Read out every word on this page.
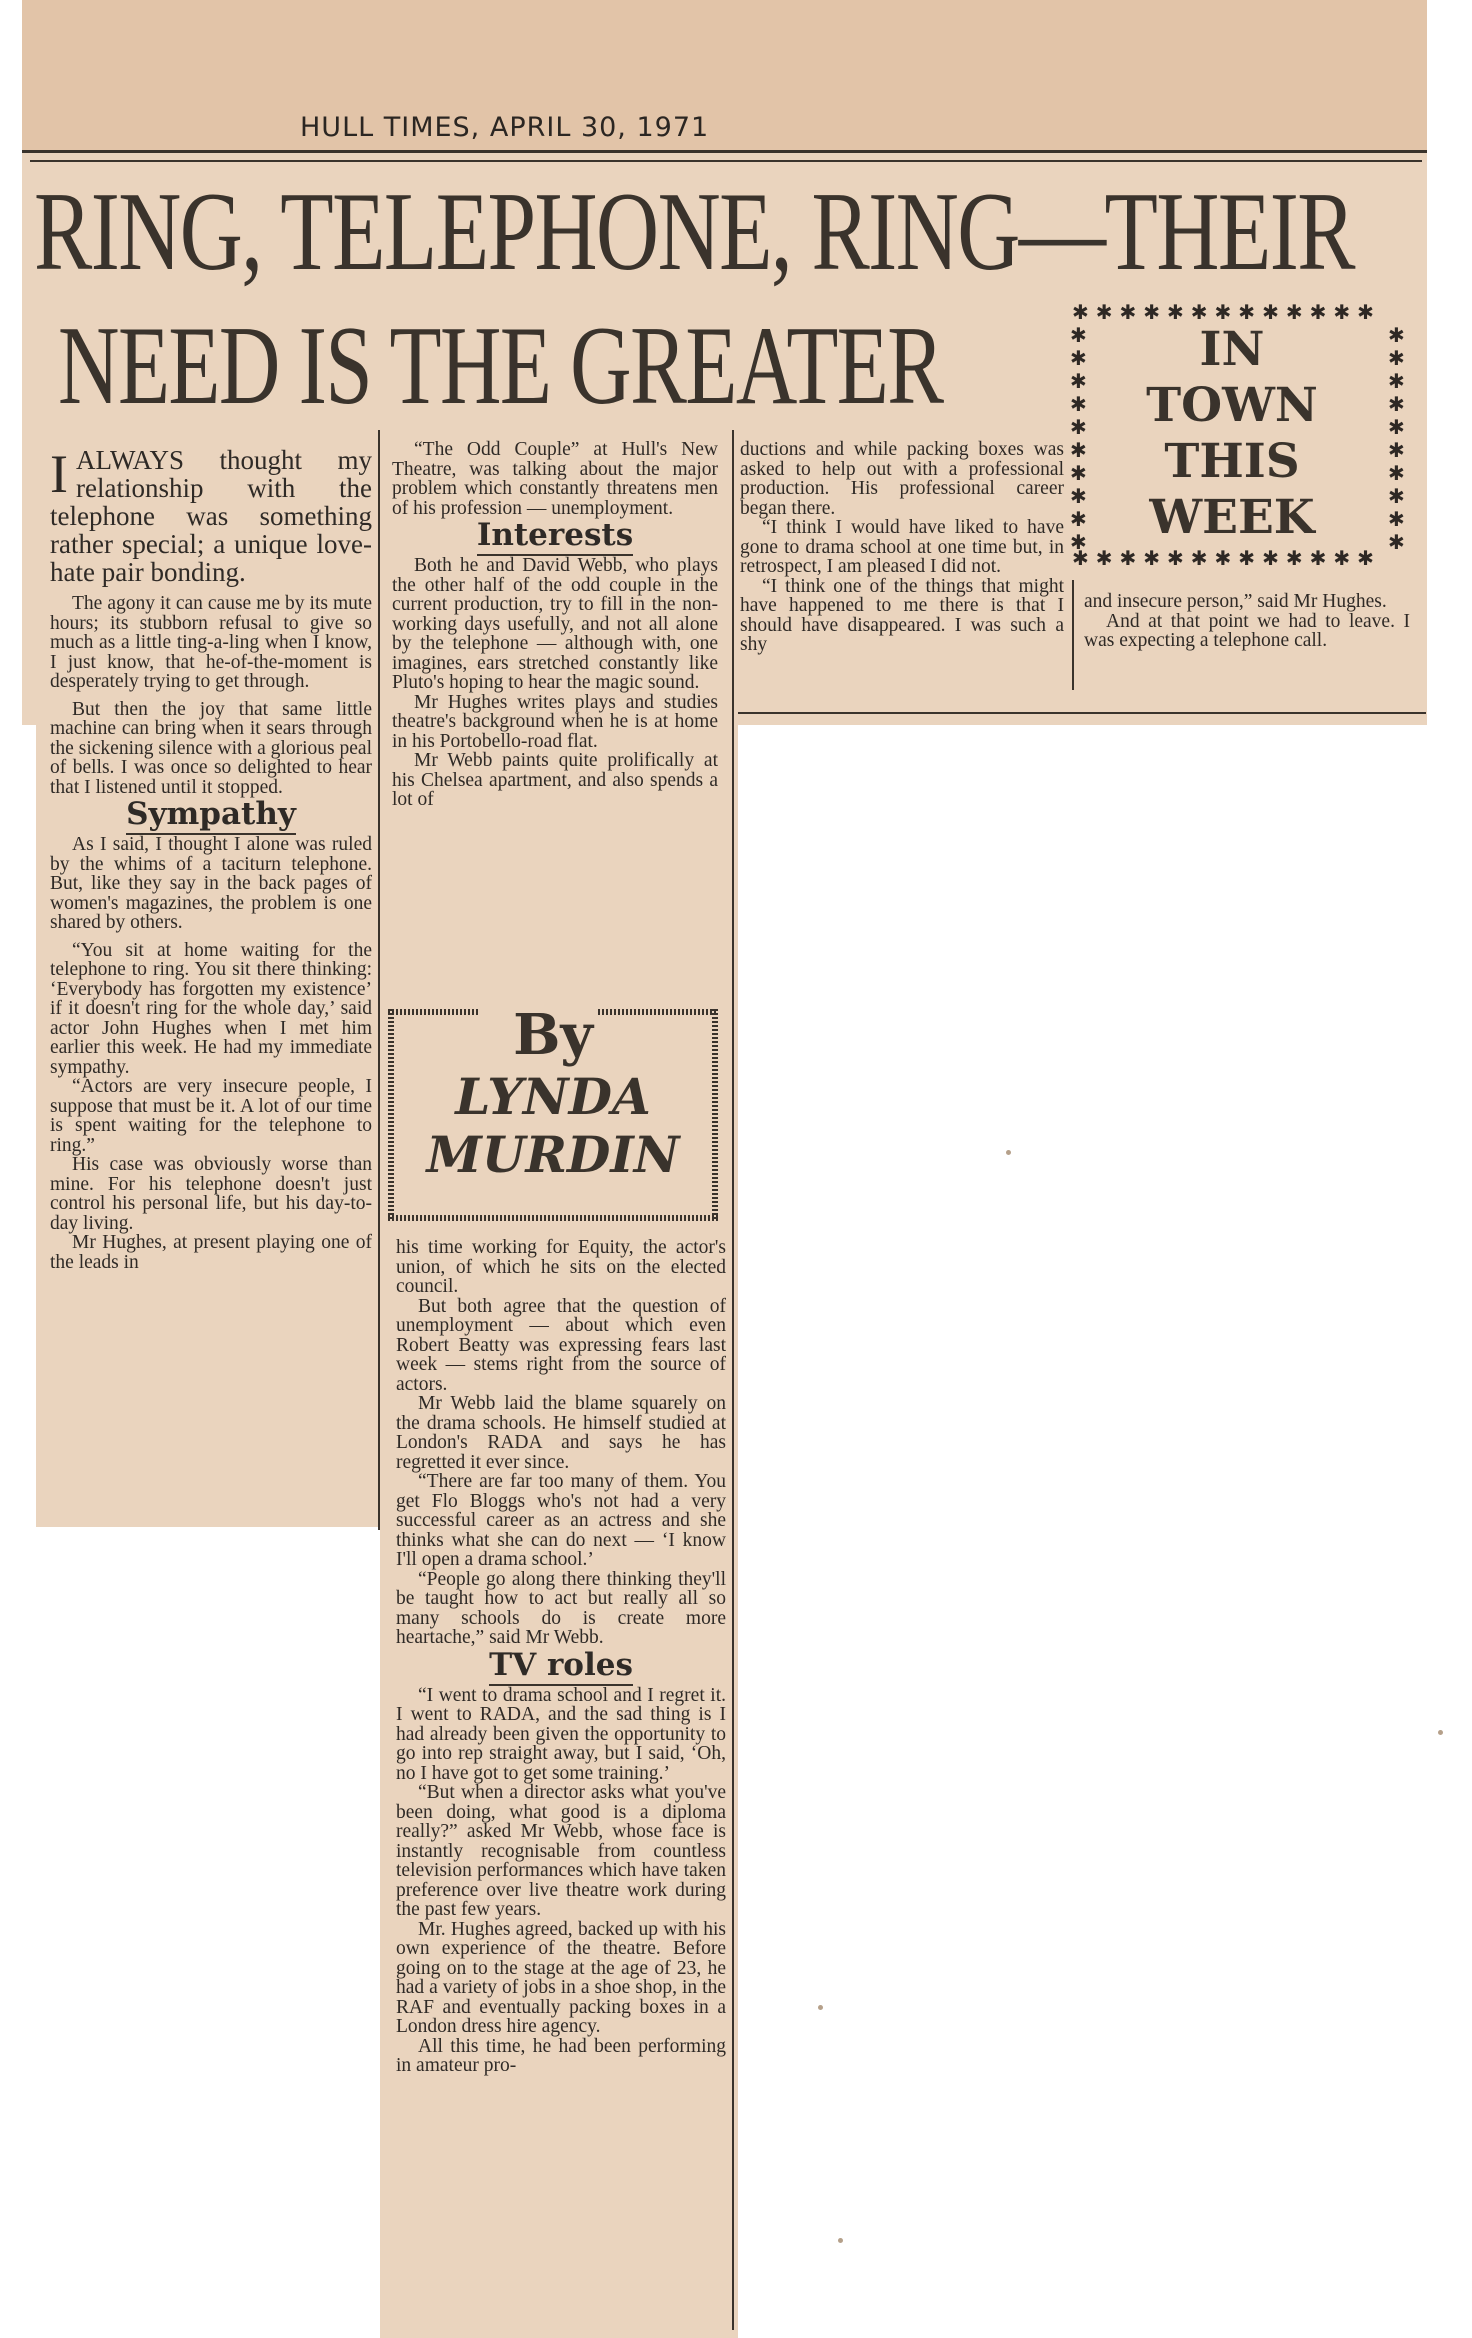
HULL TIMES, APRIL 30, 1971
RING, TELEPHONE, RING—THEIR
NEED IS THE GREATER	✱✱✱✱✱✱✱✱✱✱✱✱✱
✱✱✱✱✱✱✱✱✱✱✱✱✱
✱
✱
✱
✱
✱
✱
✱
✱
✱
✱
✱
✱
✱
✱
✱
✱
✱
✱
✱
✱
IN
TOWN
THIS
WEEK

IALWAYS thought my relationship with the telephone was something rather special; a unique love-hate pair bonding.

The agony it can cause me by its mute hours; its stubborn refusal to give so much as a little ting-a-ling when I know, I just know, that he-of-the-moment is desperately trying to get through.

But then the joy that same little machine can bring when it sears through the sickening silence with a glorious peal of bells. I was once so delighted to hear that I listened until it stopped.

Sympathy

As I said, I thought I alone was ruled by the whims of a taciturn telephone. But, like they say in the back pages of women's magazines, the problem is one shared by others.

“You sit at home waiting for the telephone to ring. You sit there thinking: ‘Everybody has forgotten my existence’ if it doesn't ring for the whole day,’ said actor John Hughes when I met him earlier this week. He had my immediate sympathy.

“Actors are very insecure people, I suppose that must be it. A lot of our time is spent waiting for the telephone to ring.”

His case was obviously worse than mine. For his telephone doesn't just control his personal life, but his day-to-day living.

Mr Hughes, at present playing one of the leads in

“The Odd Couple” at Hull's New Theatre, was talking about the major problem which constantly threatens men of his profession — unemployment.

Interests

Both he and David Webb, who plays the other half of the odd couple in the current production, try to fill in the non-working days usefully, and not all alone by the telephone — although with, one imagines, ears stretched constantly like Pluto's hoping to hear the magic sound.

Mr Hughes writes plays and studies theatre's background when he is at home in his Portobello-road flat.

Mr Webb paints quite prolifically at his Chelsea apartment, and also spends a lot of

By
LYNDA
MURDIN

his time working for Equity, the actor's union, of which he sits on the elected council.

But both agree that the question of unemployment — about which even Robert Beatty was expressing fears last week — stems right from the source of actors.

Mr Webb laid the blame squarely on the drama schools. He himself studied at London's RADA and says he has regretted it ever since.

“There are far too many of them. You get Flo Bloggs who's not had a very successful career as an actress and she thinks what she can do next — ‘I know I'll open a drama school.’

“People go along there thinking they'll be taught how to act but really all so many schools do is create more heartache,” said Mr Webb.

TV roles

“I went to drama school and I regret it. I went to RADA, and the sad thing is I had already been given the opportunity to go into rep straight away, but I said, ‘Oh, no I have got to get some training.’

“But when a director asks what you've been doing, what good is a diploma really?” asked Mr Webb, whose face is instantly recognisable from countless television performances which have taken preference over live theatre work during the past few years.

Mr. Hughes agreed, backed up with his own experience of the theatre. Before going on to the stage at the age of 23, he had a variety of jobs in a shoe shop, in the RAF and eventually packing boxes in a London dress hire agency.

All this time, he had been performing in amateur pro-

ductions and while packing boxes was asked to help out with a professional production. His professional career began there.

“I think I would have liked to have gone to drama school at one time but, in retrospect, I am pleased I did not.

“I think one of the things that might have happened to me there is that I should have disappeared. I was such a shy

and insecure person,” said Mr Hughes.

And at that point we had to leave. I was expecting a telephone call.
